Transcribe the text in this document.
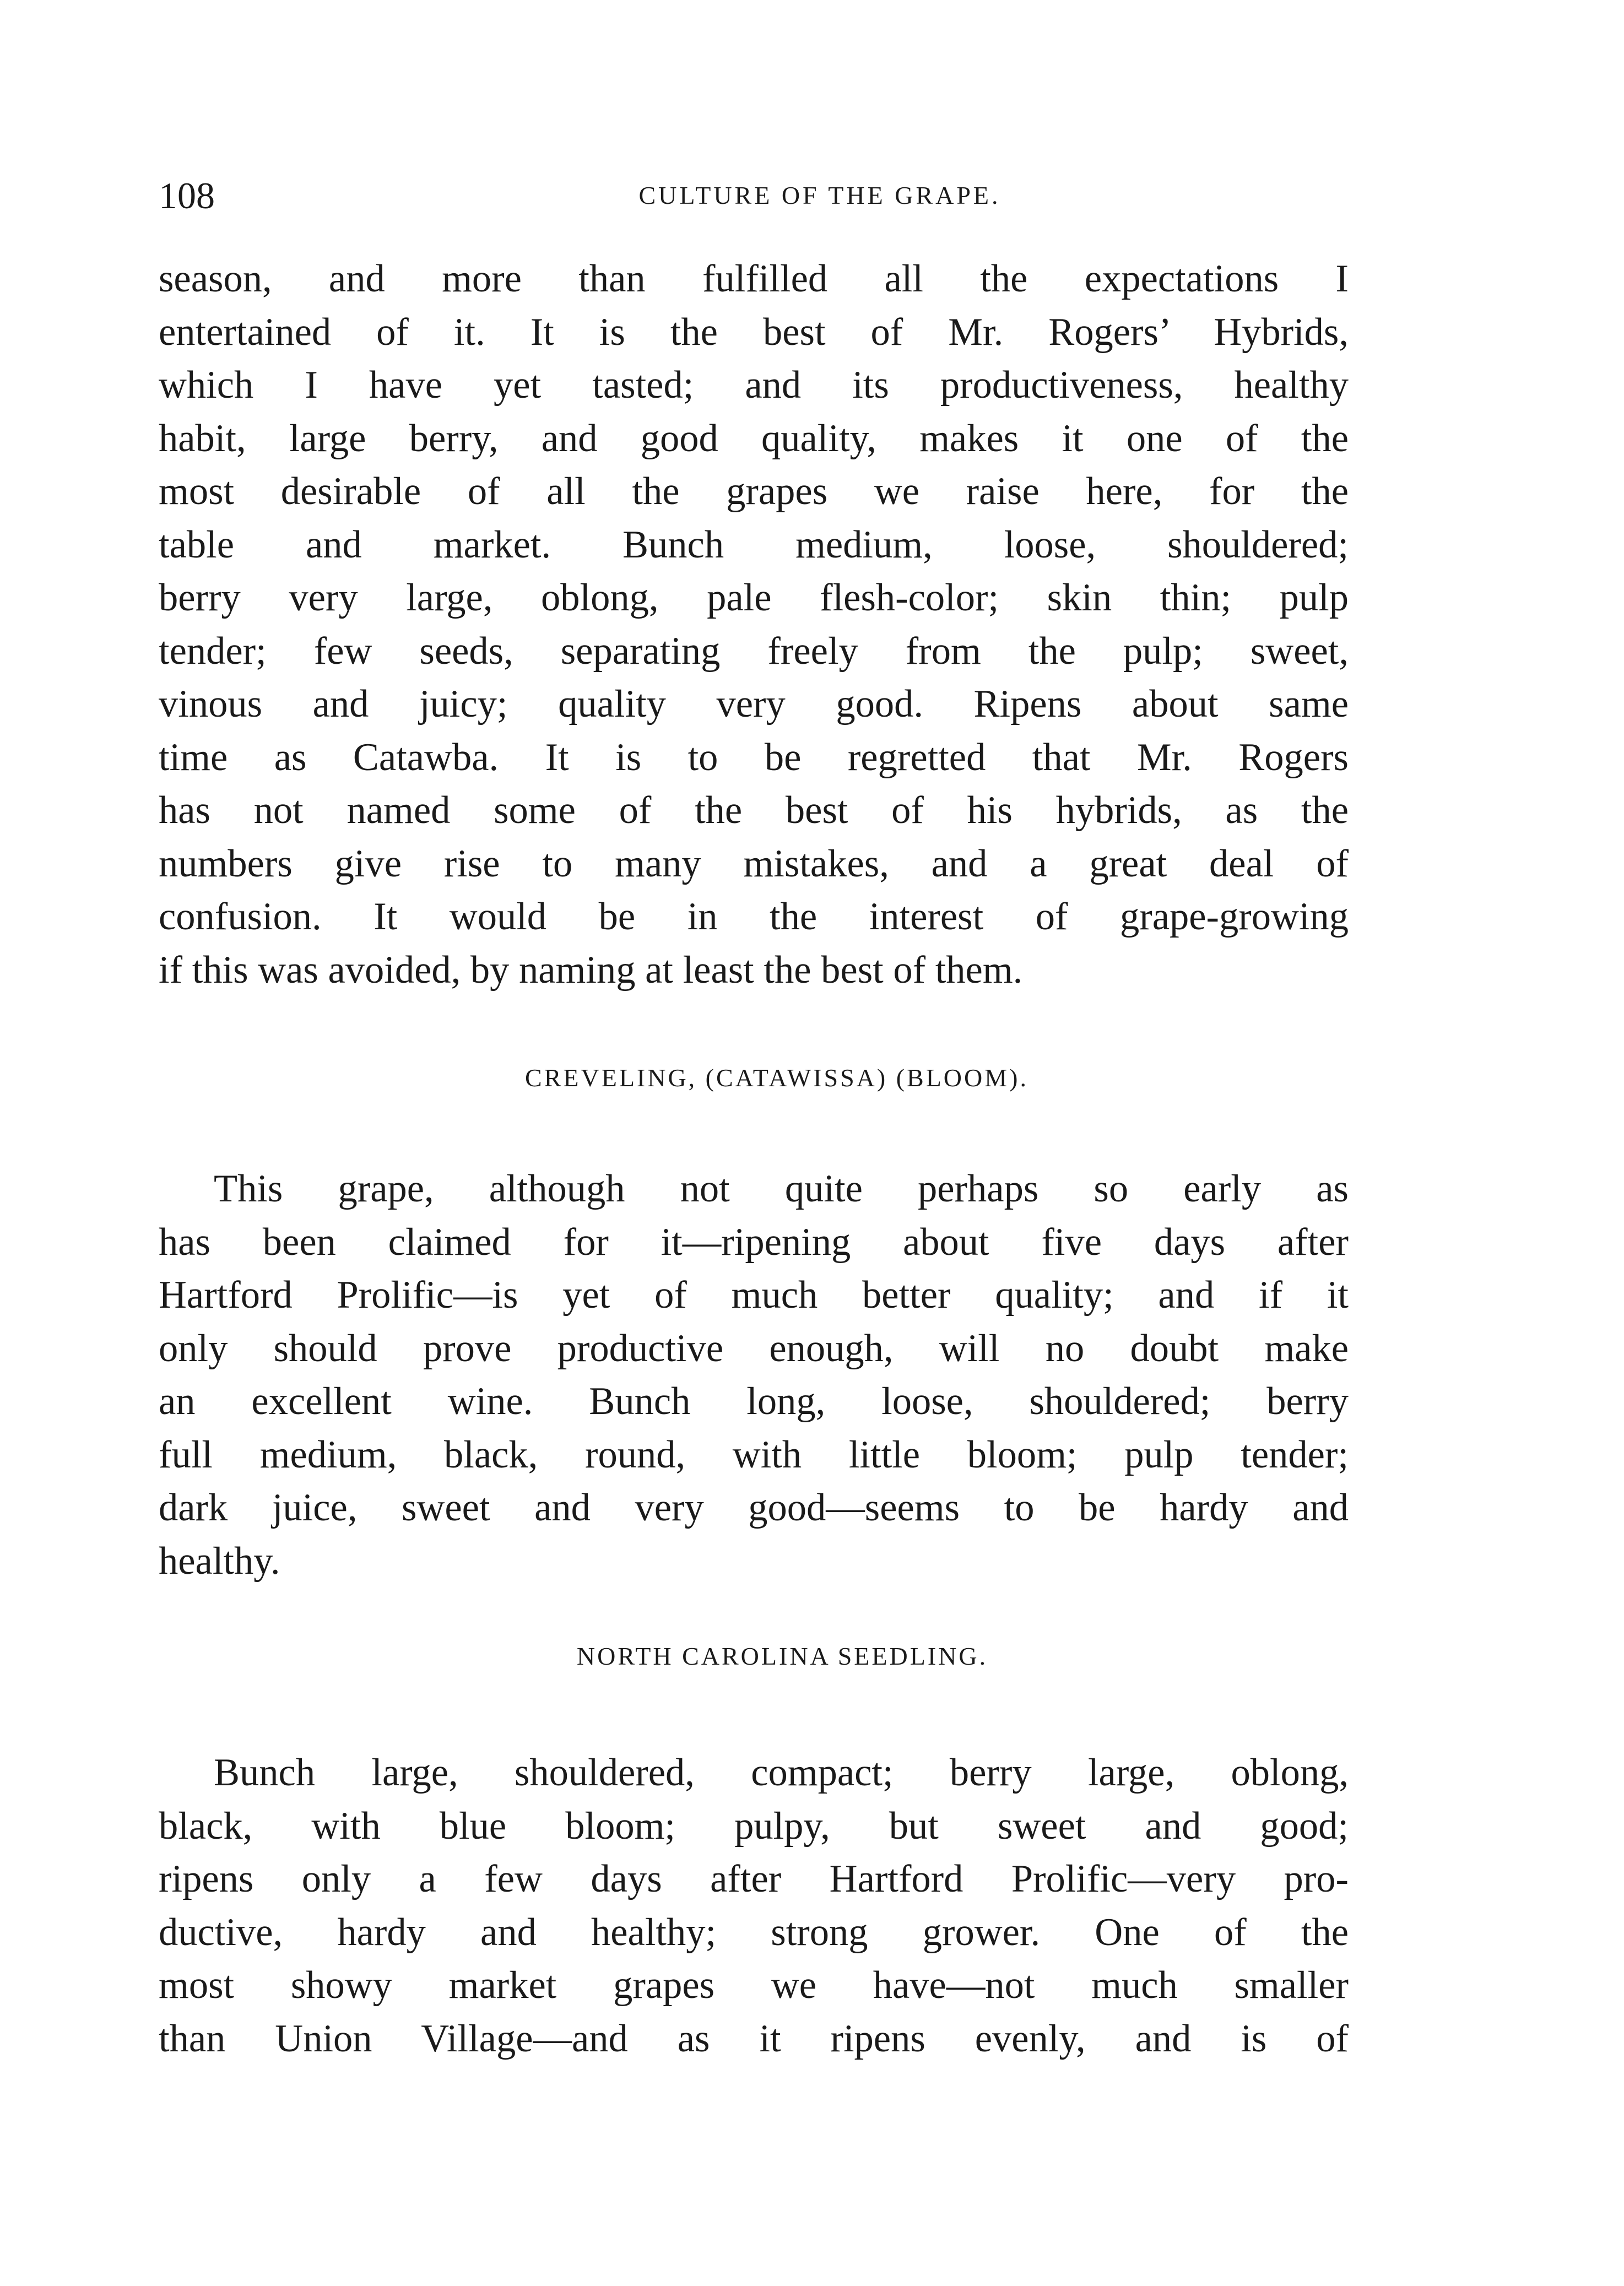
108	CULTURE OF THE GRAPE.
season, and more than fulfilled all the expectations I
entertained of it. It is the best of Mr. Rogers’ Hybrids,
which I have yet tasted; and its productiveness, healthy
habit, large berry, and good quality, makes it one of the
most desirable of all the grapes we raise here, for the
table and market. Bunch medium, loose, shouldered;
berry very large, oblong, pale flesh-color; skin thin; pulp
tender; few seeds, separating freely from the pulp; sweet,
vinous and juicy; quality very good. Ripens about same
time as Catawba. It is to be regretted that Mr. Rogers
has not named some of the best of his hybrids, as the
numbers give rise to many mistakes, and a great deal of
confusion. It would be in the interest of grape-growing
if this was avoided, by naming at least the best of them.
CREVELING, (CATAWISSA) (BLOOM).
This grape, although not quite perhaps so early as
has been claimed for it—ripening about five days after
Hartford Prolific—is yet of much better quality; and if it
only should prove productive enough, will no doubt make
an excellent wine. Bunch long, loose, shouldered; berry
full medium, black, round, with little bloom; pulp tender;
dark juice, sweet and very good—seems to be hardy and
healthy.
NORTH CAROLINA SEEDLING.
Bunch large, shouldered, compact; berry large, oblong,
black, with blue bloom; pulpy, but sweet and good;
ripens only a few days after Hartford Prolific—very pro-
ductive, hardy and healthy; strong grower. One of the
most showy market grapes we have—not much smaller
than Union Village—and as it ripens evenly, and is of
